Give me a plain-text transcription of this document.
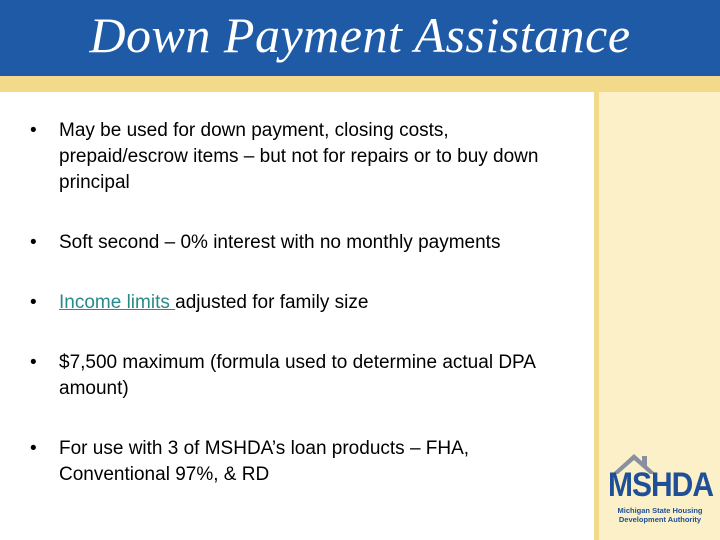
Down Payment Assistance
• May be used for down payment, closing costs, prepaid/escrow items – but not for repairs or to buy down principal
• Soft second – 0% interest with no monthly payments
• Income limits adjusted for family size
• $7,500 maximum (formula used to determine actual DPA amount)
• For use with 3 of MSHDA’s loan products – FHA, Conventional 97%, & RD	MSHDA
Michigan State Housing
Development Authority
